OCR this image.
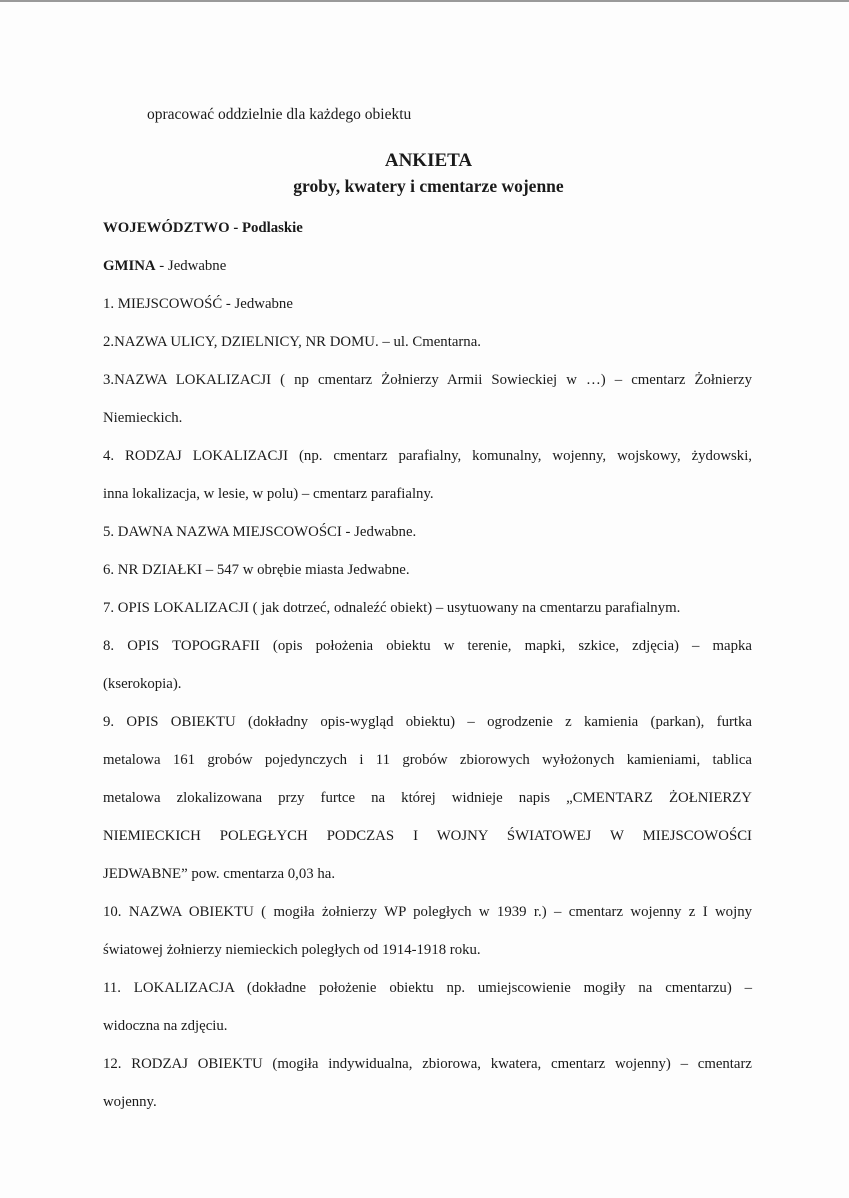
opracować oddzielnie dla każdego obiektu
ANKIETA
groby, kwatery i cmentarze wojenne
WOJEWÓDZTWO - Podlaskie
GMINA - Jedwabne
1. MIEJSCOWOŚĆ - Jedwabne
2.NAZWA ULICY, DZIELNICY, NR DOMU. – ul. Cmentarna.
3.NAZWA LOKALIZACJI ( np cmentarz Żołnierzy Armii Sowieckiej w …) – cmentarz Żołnierzy
Niemieckich.
4. RODZAJ LOKALIZACJI (np. cmentarz parafialny, komunalny, wojenny, wojskowy, żydowski,
inna lokalizacja, w lesie, w polu) – cmentarz parafialny.
5. DAWNA NAZWA MIEJSCOWOŚCI - Jedwabne.
6. NR DZIAŁKI – 547 w obrębie miasta Jedwabne.
7. OPIS LOKALIZACJI ( jak dotrzeć, odnaleźć obiekt) – usytuowany na cmentarzu parafialnym.
8. OPIS TOPOGRAFII (opis położenia obiektu w terenie, mapki, szkice, zdjęcia) – mapka
(kserokopia).
9. OPIS OBIEKTU (dokładny opis-wygląd obiektu) – ogrodzenie z kamienia (parkan), furtka
metalowa 161 grobów pojedynczych i 11 grobów zbiorowych wyłożonych kamieniami, tablica
metalowa zlokalizowana przy furtce na której widnieje napis „CMENTARZ ŻOŁNIERZY
NIEMIECKICH POLEGŁYCH PODCZAS I WOJNY ŚWIATOWEJ W MIEJSCOWOŚCI
JEDWABNE” pow. cmentarza 0,03 ha.
10. NAZWA OBIEKTU ( mogiła żołnierzy WP poległych w 1939 r.) – cmentarz wojenny z I wojny
światowej żołnierzy niemieckich poległych od 1914-1918 roku.
11. LOKALIZACJA (dokładne położenie obiektu np. umiejscowienie mogiły na cmentarzu) –
widoczna na zdjęciu.
12. RODZAJ OBIEKTU (mogiła indywidualna, zbiorowa, kwatera, cmentarz wojenny) – cmentarz
wojenny.
